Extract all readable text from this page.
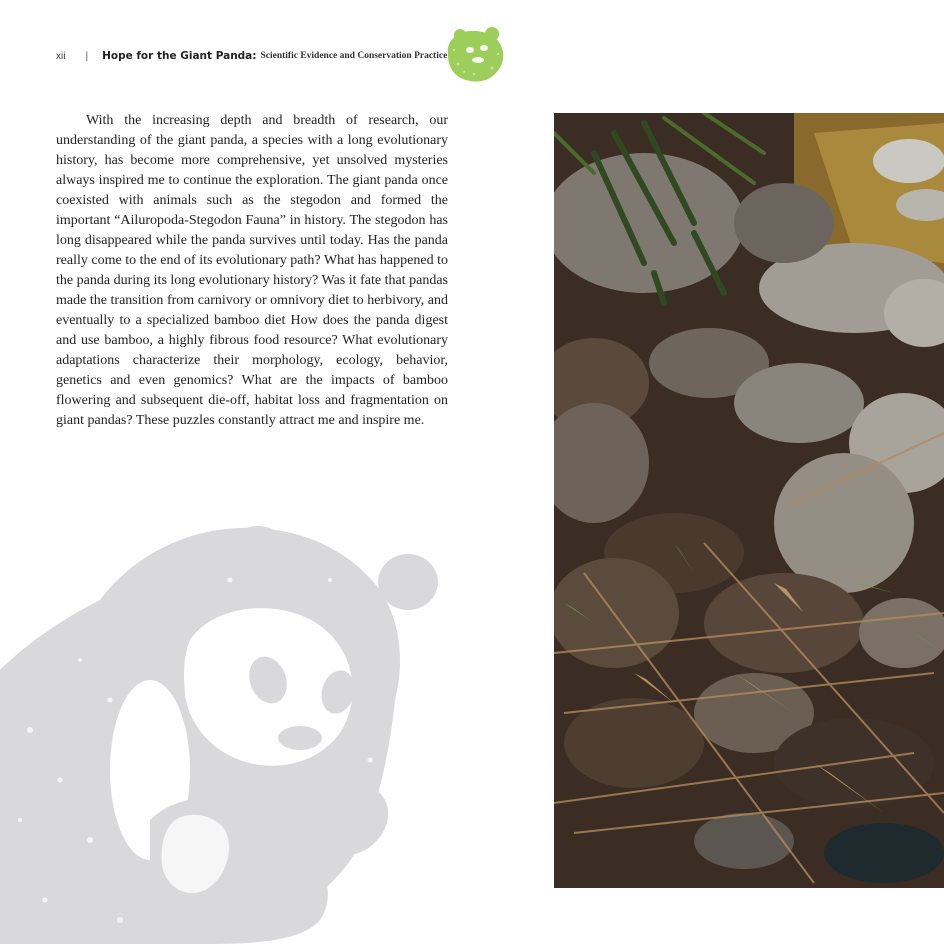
xii | Hope for the Giant Panda: Scientific Evidence and Conservation Practice

With the increasing depth and breadth of research, our understanding of the giant panda, a species with a long evolutionary history, has become more comprehensive, yet unsolved mysteries always inspired me to continue the exploration. The giant panda once coexisted with animals such as the stegodon and formed the important “Ailuropoda-Stegodon Fauna” in history. The stegodon has long disappeared while the panda survives until today. Has the panda really come to the end of its evolutionary path? What has happened to the panda during its long evolutionary history? Was it fate that pandas made the transition from carnivory or omnivory diet to herbivory, and eventually to a specialized bamboo diet How does the panda digest and use bamboo, a highly fibrous food resource? What evolutionary adaptations characterize their morphology, ecology, behavior, genetics and even genomics? What are the impacts of bamboo flowering and subsequent die-off, habitat loss and fragmentation on giant pandas? These puzzles constantly attract me and inspire me.
